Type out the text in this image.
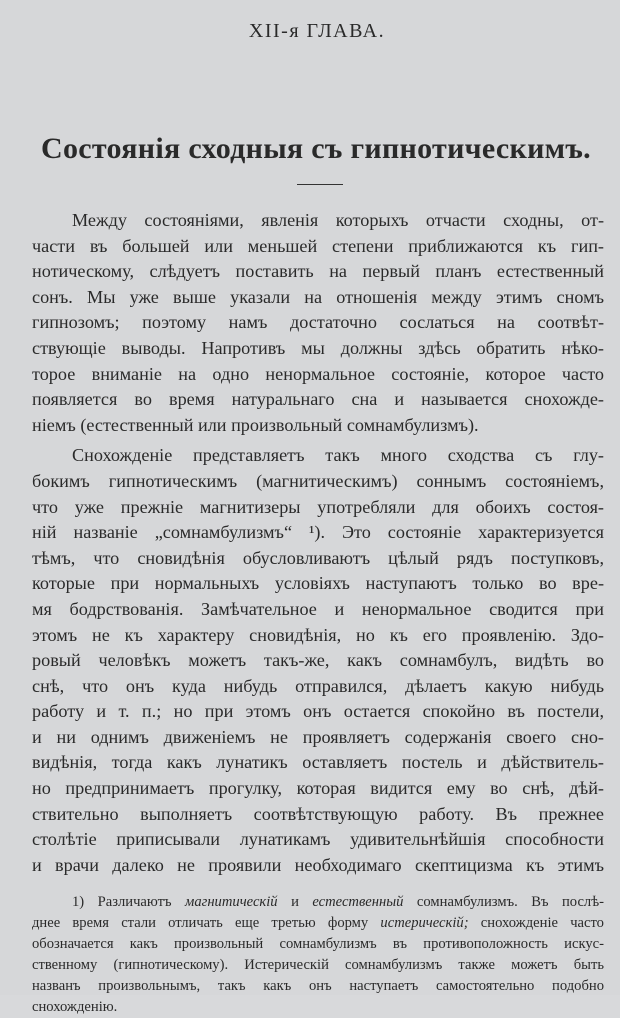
XII-я ГЛАВА.
Состоянія сходныя съ гипнотическимъ.
Между состояніями, явленія которыхъ отчасти сходны, от-
части въ большей или меньшей степени приближаются къ гип-
нотическому, слѣдуетъ поставить на первый планъ естественный
сонъ. Мы уже выше указали на отношенія между этимъ сномъ
гипнозомъ; поэтому намъ достаточно сослаться на соотвѣт-
ствующіе выводы. Напротивъ мы должны здѣсь обратить нѣко-
торое вниманіе на одно ненормальное состояніе, которое часто
появляется во время натуральнаго сна и называется снохожде-
ніемъ (естественный или произвольный сомнамбулизмъ).
Снохожденіе представляетъ такъ много сходства съ глу-
бокимъ гипнотическимъ (магнитическимъ) соннымъ состояніемъ,
что уже прежніе магнитизеры употребляли для обоихъ состоя-
ній названіе „сомнамбулизмъ“ ¹). Это состояніе характеризуется
тѣмъ, что сновидѣнія обусловливаютъ цѣлый рядъ поступковъ,
которые при нормальныхъ условіяхъ наступаютъ только во вре-
мя бодрствованія. Замѣчательное и ненормальное сводится при
этомъ не къ характеру сновидѣнія, но къ его проявленію. Здо-
ровый человѣкъ можетъ такъ-же, какъ сомнамбулъ, видѣть во
снѣ, что онъ куда нибудь отправился, дѣлаетъ какую нибудь
работу и т. п.; но при этомъ онъ остается спокойно въ постели,
и ни однимъ движеніемъ не проявляетъ содержанія своего сно-
видѣнія, тогда какъ лунатикъ оставляетъ постель и дѣйствитель-
но предпринимаетъ прогулку, которая видится ему во снѣ, дѣй-
ствительно выполняетъ соотвѣтствующую работу. Въ прежнее
столѣтіе приписывали лунатикамъ удивительнѣйшія способности
и врачи далеко не проявили необходимаго скептицизма къ этимъ
1) Различаютъ магнитическій и естественный сомнамбулизмъ. Въ послѣ-
днее время стали отличать еще третью форму истерическій; снохожденіе часто
обозначается какъ произвольный сомнамбулизмъ въ противоположность искус-
ственному (гипнотическому). Истерическій сомнамбулизмъ также можетъ быть
названъ произвольнымъ, такъ какъ онъ наступаетъ самостоятельно подобно
снохожденію.
